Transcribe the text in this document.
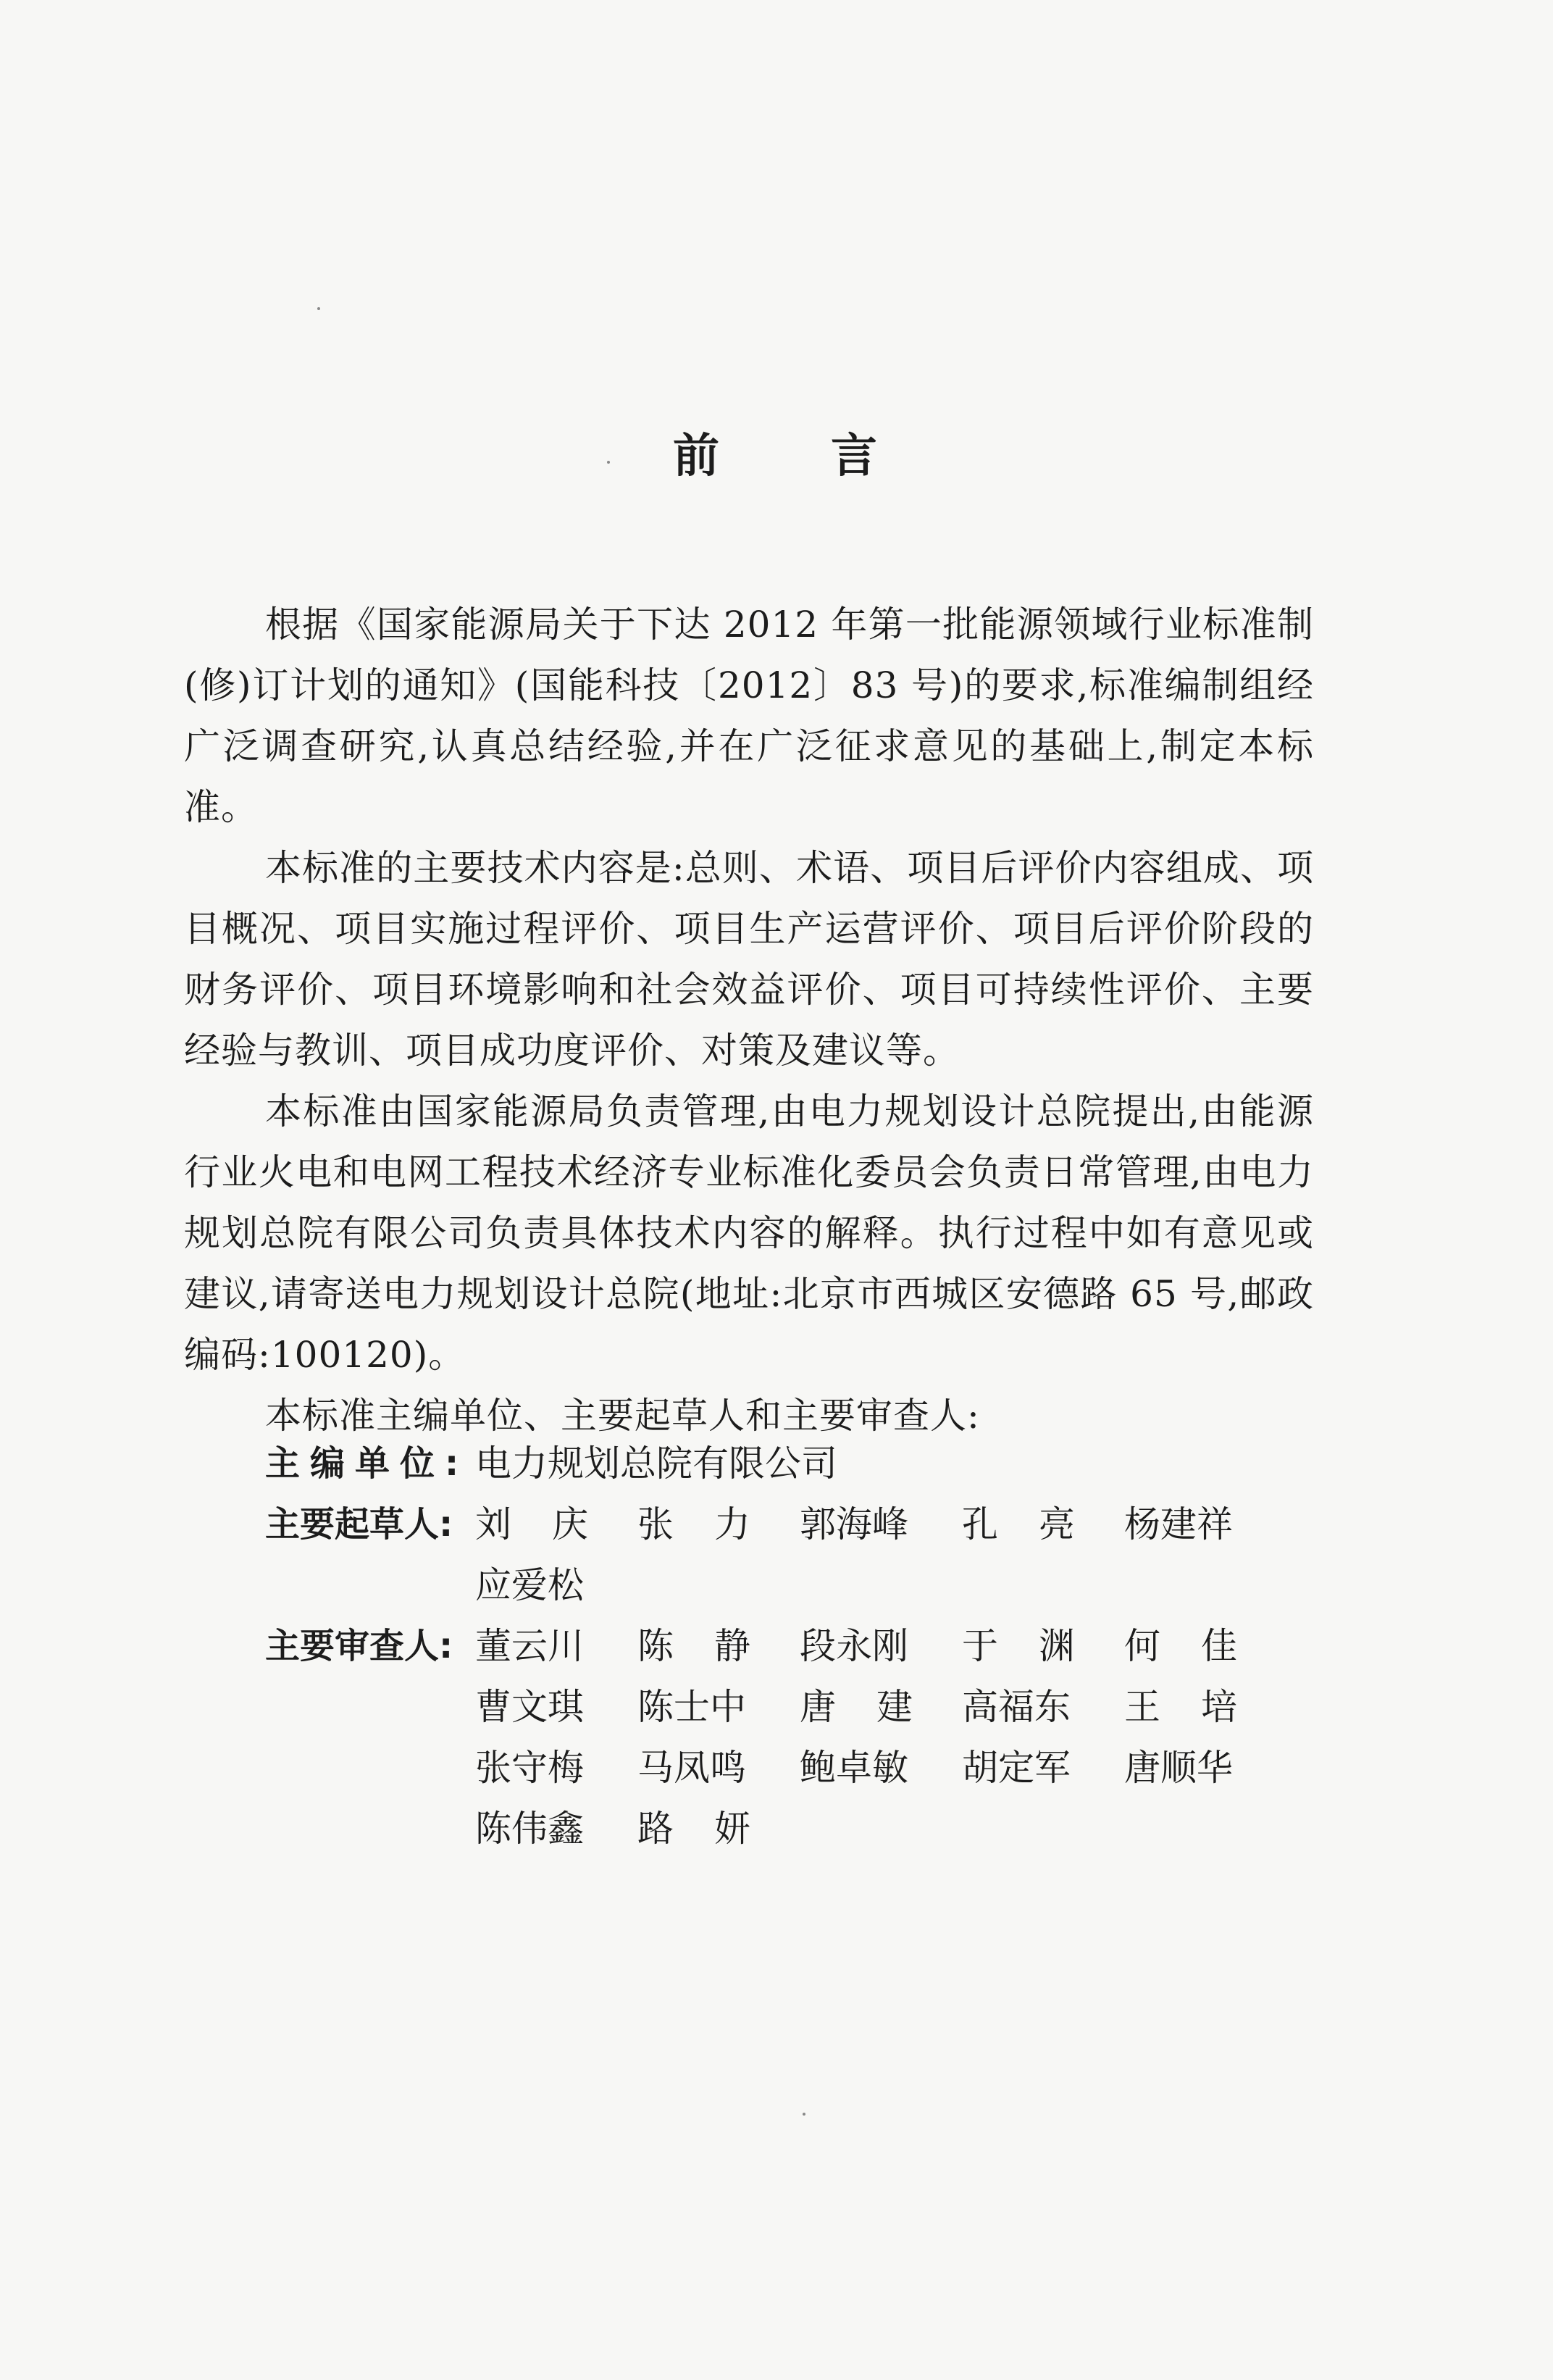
前 言

根据《国家能源局关于下达 2012 年第一批能源领域行业标准制(修)订计划的通知》(国能科技〔2012〕83 号)的要求,标准编制组经广泛调查研究,认真总结经验,并在广泛征求意见的基础上,制定本标准。

本标准的主要技术内容是:总则、术语、项目后评价内容组成、项目概况、项目实施过程评价、项目生产运营评价、项目后评价阶段的财务评价、项目环境影响和社会效益评价、项目可持续性评价、主要经验与教训、项目成功度评价、对策及建议等。

本标准由国家能源局负责管理,由电力规划设计总院提出,由能源行业火电和电网工程技术经济专业标准化委员会负责日常管理,由电力规划总院有限公司负责具体技术内容的解释。执行过程中如有意见或建议,请寄送电力规划设计总院(地址:北京市西城区安德路 65 号,邮政编码:100120)。

本标准主编单位、主要起草人和主要审查人:

主编单位: 电力规划总院有限公司
主要起草人: 刘庆 张力 郭海峰	孔亮 杨建祥
应爱松
主要审查人: 董云川	陈静 段永刚	于渊 何佳
曹文琪	陈士中	唐建 高福东	王培
张守梅	马凤鸣	鲍卓敏	胡定军	唐顺华
陈伟鑫	路妍
